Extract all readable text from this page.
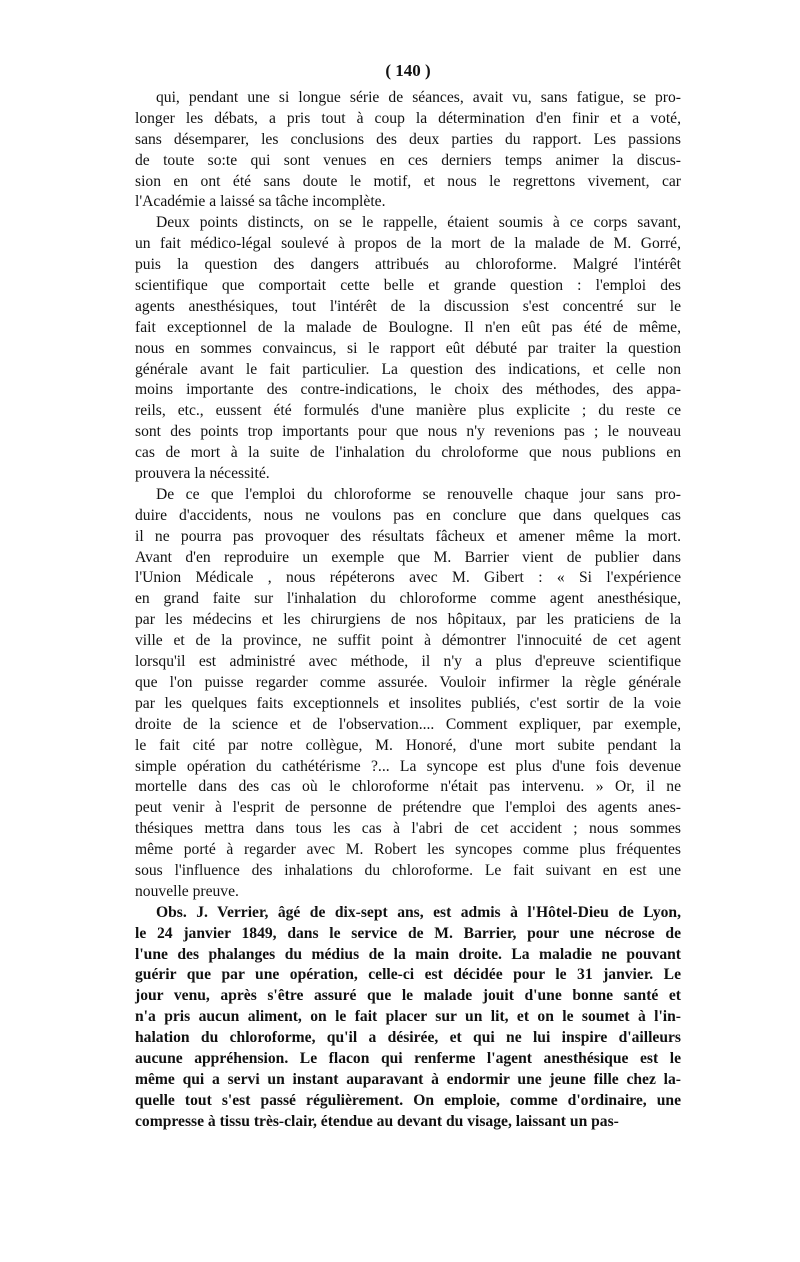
( 140 )
qui, pendant une si longue série de séances, avait vu, sans fatigue, se pro-
longer les débats, a pris tout à coup la détermination d'en finir et a voté,
sans désemparer, les conclusions des deux parties du rapport. Les passions
de toute so:te qui sont venues en ces derniers temps animer la discus-
sion en ont été sans doute le motif, et nous le regrettons vivement, car
l'Académie a laissé sa tâche incomplète.
Deux points distincts, on se le rappelle, étaient soumis à ce corps savant,
un fait médico-légal soulevé à propos de la mort de la malade de M. Gorré,
puis la question des dangers attribués au chloroforme. Malgré l'intérêt
scientifique que comportait cette belle et grande question : l'emploi des
agents anesthésiques, tout l'intérêt de la discussion s'est concentré sur le
fait exceptionnel de la malade de Boulogne. Il n'en eût pas été de même,
nous en sommes convaincus, si le rapport eût débuté par traiter la question
générale avant le fait particulier. La question des indications, et celle non
moins importante des contre-indications, le choix des méthodes, des appa-
reils, etc., eussent été formulés d'une manière plus explicite ; du reste ce
sont des points trop importants pour que nous n'y revenions pas ; le nouveau
cas de mort à la suite de l'inhalation du chroloforme que nous publions en
prouvera la nécessité.
De ce que l'emploi du chloroforme se renouvelle chaque jour sans pro-
duire d'accidents, nous ne voulons pas en conclure que dans quelques cas
il ne pourra pas provoquer des résultats fâcheux et amener même la mort.
Avant d'en reproduire un exemple que M. Barrier vient de publier dans
l'Union Médicale , nous répéterons avec M. Gibert : « Si l'expérience
en grand faite sur l'inhalation du chloroforme comme agent anesthésique,
par les médecins et les chirurgiens de nos hôpitaux, par les praticiens de la
ville et de la province, ne suffit point à démontrer l'innocuité de cet agent
lorsqu'il est administré avec méthode, il n'y a plus d'epreuve scientifique
que l'on puisse regarder comme assurée. Vouloir infirmer la règle générale
par les quelques faits exceptionnels et insolites publiés, c'est sortir de la voie
droite de la science et de l'observation.... Comment expliquer, par exemple,
le fait cité par notre collègue, M. Honoré, d'une mort subite pendant la
simple opération du cathétérisme ?... La syncope est plus d'une fois devenue
mortelle dans des cas où le chloroforme n'était pas intervenu. » Or, il ne
peut venir à l'esprit de personne de prétendre que l'emploi des agents anes-
thésiques mettra dans tous les cas à l'abri de cet accident ; nous sommes
même porté à regarder avec M. Robert les syncopes comme plus fréquentes
sous l'influence des inhalations du chloroforme. Le fait suivant en est une
nouvelle preuve.
Obs. J. Verrier, âgé de dix-sept ans, est admis à l'Hôtel-Dieu de Lyon,
le 24 janvier 1849, dans le service de M. Barrier, pour une nécrose de
l'une des phalanges du médius de la main droite. La maladie ne pouvant
guérir que par une opération, celle-ci est décidée pour le 31 janvier. Le
jour venu, après s'être assuré que le malade jouit d'une bonne santé et
n'a pris aucun aliment, on le fait placer sur un lit, et on le soumet à l'in-
halation du chloroforme, qu'il a désirée, et qui ne lui inspire d'ailleurs
aucune appréhension. Le flacon qui renferme l'agent anesthésique est le
même qui a servi un instant auparavant à endormir une jeune fille chez la-
quelle tout s'est passé régulièrement. On emploie, comme d'ordinaire, une
compresse à tissu très-clair, étendue au devant du visage, laissant un pas-
